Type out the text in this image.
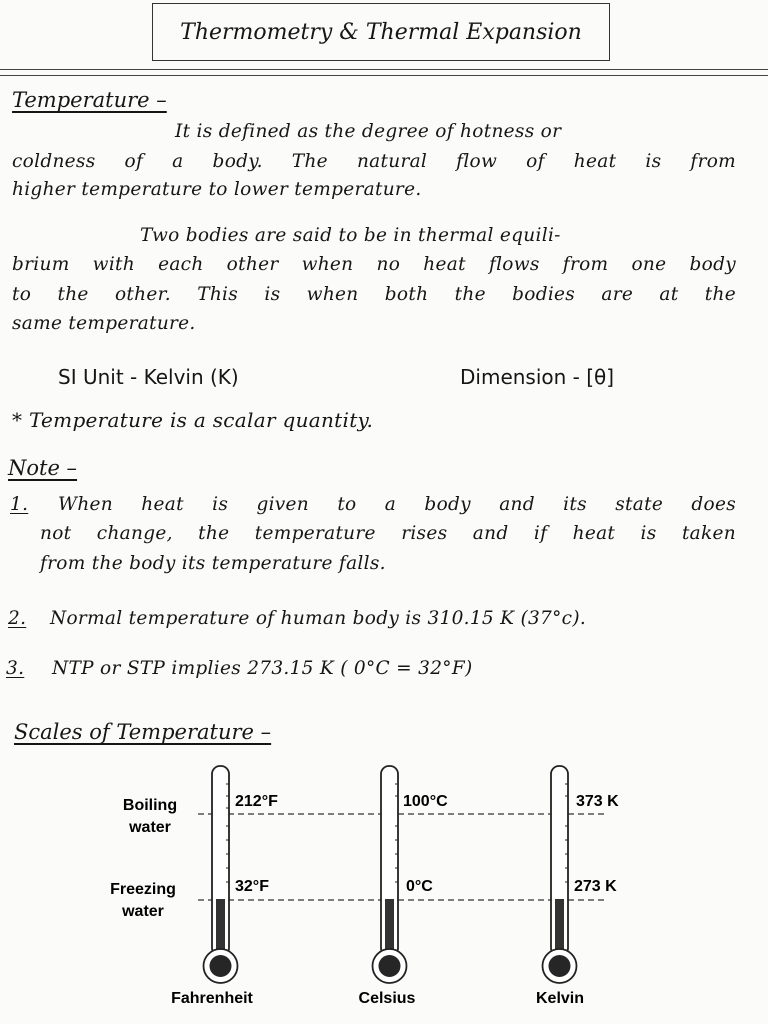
Thermometry & Thermal Expansion
Temperature –
It is defined as the degree of hotness or
coldness of a body. The natural flow of heat is from
higher temperature to lower temperature.
Two bodies are said to be in thermal equili-
brium with each other when no heat flows from one body
to the other. This is when both the bodies are at the
same temperature.
SI Unit - Kelvin (K)	Dimension - [θ]
* Temperature is a scalar quantity.
Note –
1.	When heat is given to a body and its state does
not change, the temperature rises and if heat is taken
from the body its temperature falls.
2.	Normal temperature of human body is 310.15 K (37°c).
3.	NTP or STP implies 273.15 K ( 0°C = 32°F)
Scales of Temperature –
Boiling
water
Freezing
water
212°F
32°F
Fahrenheit
100°C
0°C
Celsius
373 K
273 K
Kelvin
